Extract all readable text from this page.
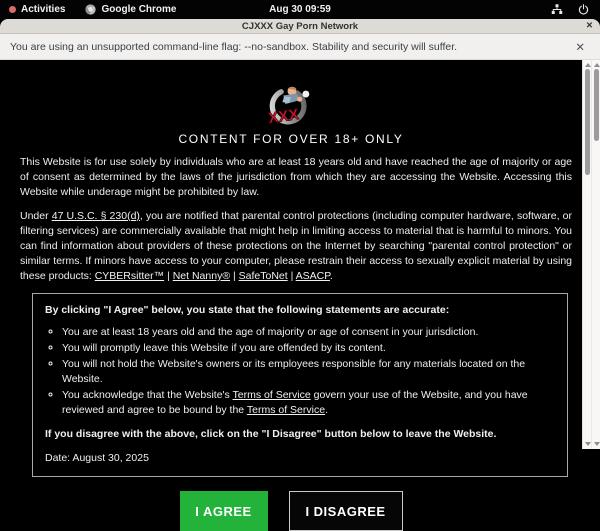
Activities	Google Chrome	Aug 30 09:59
CJXXX Gay Porn Network	✕
You are using an unsupported command-line flag: --no-sandbox. Stability and security will suffer.	✕
XXX
CONTENT FOR OVER 18+ ONLY

This Website is for use solely by individuals who are at least 18 years old and have reached the age of majority or age of consent as determined by the laws of the jurisdiction from which they are accessing the Website. Accessing this Website while underage might be prohibited by law.

Under 47 U.S.C. § 230(d), you are notified that parental control protections (including computer hardware, software, or filtering services) are commercially available that might help in limiting access to material that is harmful to minors. You can find information about providers of these protections on the Internet by searching "parental control protection" or similar terms. If minors have access to your computer, please restrain their access to sexually explicit material by using these products: CYBERsitter™ | Net Nanny® | SafeToNet | ASACP.

By clicking "I Agree" below, you state that the following statements are accurate:

◦ You are at least 18 years old and the age of majority or age of consent in your jurisdiction.
◦ You will promptly leave this Website if you are offended by its content.
◦ You will not hold the Website's owners or its employees responsible for any materials located on the Website.
◦ You acknowledge that the Website's Terms of Service govern your use of the Website, and you have reviewed and agree to be bound by the Terms of Service.

If you disagree with the above, click on the "I Disagree" button below to leave the Website.

Date: August 30, 2025

I AGREE	I DISAGREE
